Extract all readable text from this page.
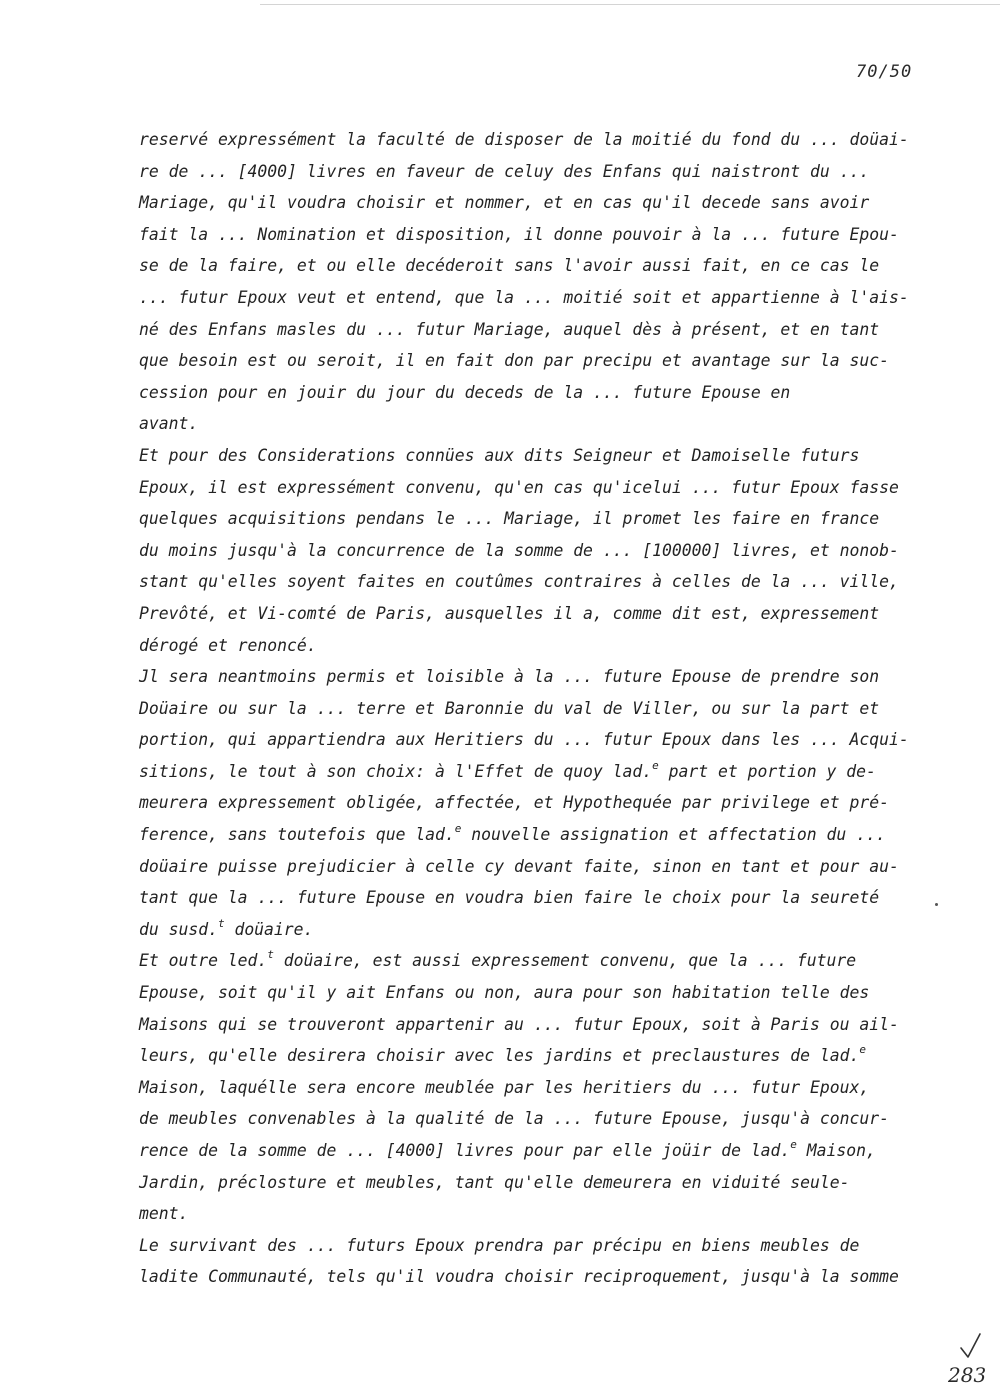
70/50
reservé expressément la faculté de disposer de la moitié du fond du ... doüai-
re de ... [4000] livres en faveur de celuy des Enfans qui naistront du ...
Mariage, qu'il voudra choisir et nommer, et en cas qu'il decede sans avoir
fait la ... Nomination et disposition, il donne pouvoir à la ... future Epou-
se de la faire, et ou elle decéderoit sans l'avoir aussi fait, en ce cas le
... futur Epoux veut et entend, que la ... moitié soit et appartienne à l'ais-
né des Enfans masles du ... futur Mariage, auquel dès à présent, et en tant
que besoin est ou seroit, il en fait don par precipu et avantage sur la suc-
cession pour en jouir du jour du deceds de la ... future Epouse en
avant.
Et pour des Considerations connües aux dits Seigneur et Damoiselle futurs
Epoux, il est expressément convenu, qu'en cas qu'icelui ... futur Epoux fasse
quelques acquisitions pendans le ... Mariage, il promet les faire en france
du moins jusqu'à la concurrence de la somme de ... [100000] livres, et nonob-
stant qu'elles soyent faites en coutûmes contraires à celles de la ... ville,
Prevôté, et Vi-comté de Paris, ausquelles il a, comme dit est, expressement
dérogé et renoncé.
Jl sera neantmoins permis et loisible à la ... future Epouse de prendre son
Doüaire ou sur la ... terre et Baronnie du val de Viller, ou sur la part et
portion, qui appartiendra aux Heritiers du ... futur Epoux dans les ... Acqui-
sitions, le tout à son choix: à l'Effet de quoy lad.$^e$ part et portion y de-
meurera expressement obligée, affectée, et Hypothequée par privilege et pré-
ference, sans toutefois que lad.$^e$ nouvelle assignation et affectation du ...
doüaire puisse prejudicier à celle cy devant faite, sinon en tant et pour au-
tant que la ... future Epouse en voudra bien faire le choix pour la seureté
du susd.$^t$ doüaire.
Et outre led.$^t$ doüaire, est aussi expressement convenu, que la ... future
Epouse, soit qu'il y ait Enfans ou non, aura pour son habitation telle des
Maisons qui se trouveront appartenir au ... futur Epoux, soit à Paris ou ail-
leurs, qu'elle desirera choisir avec les jardins et preclaustures de lad.$^e$
Maison, laquélle sera encore meublée par les heritiers du ... futur Epoux,
de meubles convenables à la qualité de la ... future Epouse, jusqu'à concur-
rence de la somme de ... [4000] livres pour par elle joüir de lad.$^e$ Maison,
Jardin, préclosture et meubles, tant qu'elle demeurera en viduité seule-
ment.
Le survivant des ... futurs Epoux prendra par précipu en biens meubles de
ladite Communauté, tels qu'il voudra choisir reciproquement, jusqu'à la somme
283
